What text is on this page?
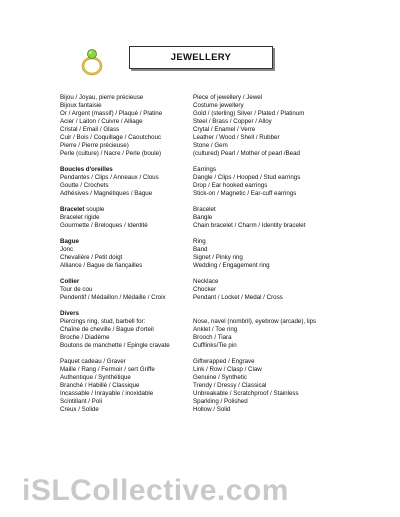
JEWELLERY
Bijou / Joyau, pierre précieuse	Piece of jewellery / Jewel
Bijoux fantaisie	Costume jewellery
Or / Argent (massif) / Plaqué / Platine	Gold / (sterling) Silver / Plated / Platinum
Acier / Laiton / Cuivre / Alliage	Steel / Brass / Copper / Alloy
Cristal / Email / Glass	Crytal / Enamel / Verre
Cuir / Bois / Coquillage / Caoutchouc	Leather / Wood / Shell / Rubber
Pierre / Pierre précieuse)	Stone / Gem
Perle (culture) / Nacre / Perle (boule)	(cultured) Pearl / Mother of pearl /Bead
Boucles d'oreilles	Earrings
Pendantes / Clips / Anneaux / Clous	Dangle / Clips / Hooped / Stud earrings
Goutte / Crochets	Drop / Ear hooked earrings
Adhésives / Magnétiques / Bague	Stick-on / Magnetic / Ear-cuff earrings
Bracelet souple	Bracelet
Bracelet rigide	Bangle
Gourmette / Breloques / Identité	Chain bracelet / Charm / Identity bracelet
Bague	Ring
Jonc	Band
Chevalière / Petit doigt	Signet / Pinky ring
Alliance / Bague de fiançailles	Wedding / Engagement ring
Collier	Necklace
Tour de cou	Chocker
Pendentif / Médaillon / Médaille / Croix	Pendant / Locket / Medal / Cross
Divers
Piercings ring, stud, barbell for:	Nose, navel (nombril), eyebrow (arcade), lips
Chaîne de cheville / Bague d'orteil	Anklet / Toe ring
Broche / Diadème	Brooch / Tiara
Boutons de manchette / Epingle cravate	Cufflinks/Tie pin
Paquet cadeau / Graver	Giftwrapped / Engrave
Maille / Rang / Fermoir / sert Griffe	Link / Row / Clasp / Claw
Authentique / Synthétique	Genuine / Synthetic
Branché / Habillé / Classique	Trendy / Dressy / Classical
Incassable / Inrayable / inoxidable	Unbreakable / Scratchproof / Stainless
Scintillant / Poli	Sparkling / Polished
Creux / Solide	Hollow / Solid
iSLCollective.com
